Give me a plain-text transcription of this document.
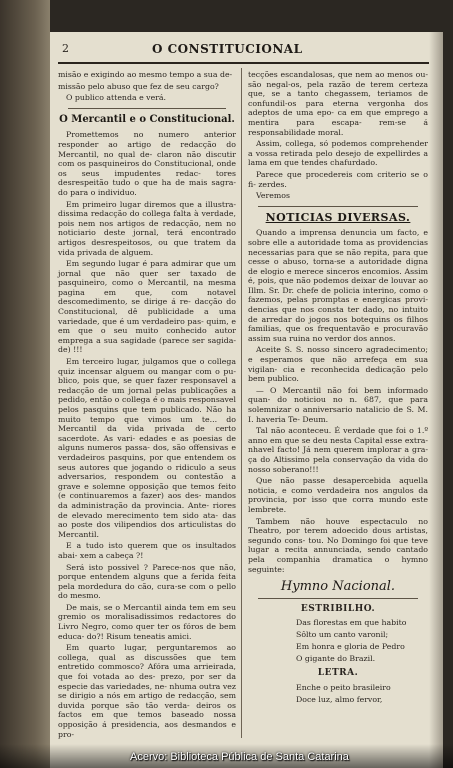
2	O CONSTITUCIONAL

misão e exigindo ao mesmo tempo a sua de-

missão pelo abuso que fez de seu cargo?

O publico attenda e verá.

O Mercantil e o Constitucional.

Promettemos no numero anterior responder ao artigo de redacção do Mercantil, no qual de- claron não discutir com os pasquineiros do Constitucional, onde os seus impudentes redac- tores desrespeitão tudo o que ha de mais sagra- do para o individuo.

Em primeiro lugar diremos que a illustra- dissima redacção do collega falta à verdade, pois nem nos artigos de redacção, nem no noticiario deste jornal, terá encontrado artigos desrespeitosos, ou que tratem da vida privada de alguem.

Em segundo lugar é para admirar que um jornal que não quer ser taxado de pasquineiro, como o Mercantil, na mesma pagina em que, com notavel descomedimento, se dirige á re- dacção do Constitucional, dê publicidade a uma variedade, que é um verdadeiro pas- quim, e em que o seu muito conhecido autor emprega a sua sagidade (parece ser sagida- de) !!!

Em terceiro lugar, julgamos que o collega quiz incensar alguem ou mangar com o pu- blico, pois que, se quer fazer responsavel a redacção de um jornal pelas publicações a pedido, então o collega é o mais responsavel pelos pasquins que tem publicado. Não ha muito tempo que vimos um te... do Mercantil da vida privada de certo sacerdote. As vari- edades e as poesias de alguns numeros passa- dos, são offensivas e verdadeiros pasquins, por que entendem os seus autores que jogando o ridiculo a seus adversarios, respondem ou contestão a grave e solemne opposição que temos feito (e continuaremos a fazer) aos des- mandos da administração da provincia. Ante- riores de elevado merecimento tem sido ata- das ao poste dos vilipendios dos articulistas do Mercantil.

E a tudo isto querem que os insultados abai- xem a cabeça ?!

Será isto possivel ? Parece-nos que não, porque entendem alguns que a ferida feita pela mordedura do cão, cura-se com o pello do mesmo.

De mais, se o Mercantil ainda tem em seu gremio os moralisadissimos redactores do Livro Negro, como quer ter os fóros de bem educa- do?! Risum teneatis amici.

Em quarto lugar, perguntaremos ao collega, qual as discussões que tem entretido commosco? Afóra uma arrieirada, que foi votada ao des- prezo, por ser da especie das variedades, ne- nhuma outra vez se dirigio a nós em artigo de redacção, sem duvida porque são tão verda- deiros os factos em que temos baseado nossa opposição á presidencia, aos desmandos e pro-

tecções escandalosas, que nem ao menos ou- são negal-os, pela razão de terem certeza que, se a tanto chegassem, teriamos de confundil-os para eterna vergonha dos adeptos de uma epo- ca em que emprego a mentira para escapa- rem-se á responsabilidade moral.

Assim, collega, só podemos comprehender a vossa retirada pelo desejo de expellirdes a lama em que tendes chafurdado.

Parece que procedereis com criterio se o fi- zerdes.

Veremos

NOTICIAS DIVERSAS.

Quando a imprensa denuncia um facto, e sobre elle a autoridade toma as providencias necessarias para que se não repita, para que cesse o abuso, torna-se a autoridade digna de elogio e merece sinceros encomios. Assim é, pois, que não podemos deixar de louvar ao Illm. Sr. Dr. chefe de policia interino, como o fazemos, pelas promptas e energicas provi- dencias que nos consta ter dado, no intuito de arredar do jogos nos botequins os filhos familias, que os frequentavão e procuravão assim sua ruina no verdor dos annos.

Aceite S. S. nosso sincero agradecimento; e esperamos que não arrefeça em sua vigilan- cia e reconhecida dedicação pelo bem publico.

— O Mercantil não foi bem informado quan- do noticiou no n. 687, que para solemnizar o anniversario natalicio de S. M. I. haveria Te- Deum.

Tal não aconteceu. É verdade que foi o 1.º anno em que se deu nesta Capital esse extra- nhavel facto! Já nem querem implorar a gra- ça do Altissimo pela conservação da vida do nosso soberano!!!

Que não passe desapercebida aquella noticia, e como verdadeira nos angulos da provincia, por isso que corra mundo este lembrete.

Tambem não houve espectaculo no Theatro, por terem adoecido dous artistas, segundo cons- tou. No Domingo foi que teve lugar a recita annunciada, sendo cantado pela companhia dramatica o hymno seguinte:

Hymno Nacional.
ESTRIBILHO.

Das florestas em que habito

Sôlto um canto varonil;

Em honra e gloria de Pedro

O gigante do Brazil.

LETRA.

Enche o peito brasileiro

Doce luz, almo fervor,

Acervo: Biblioteca Pública de Santa Catarina
